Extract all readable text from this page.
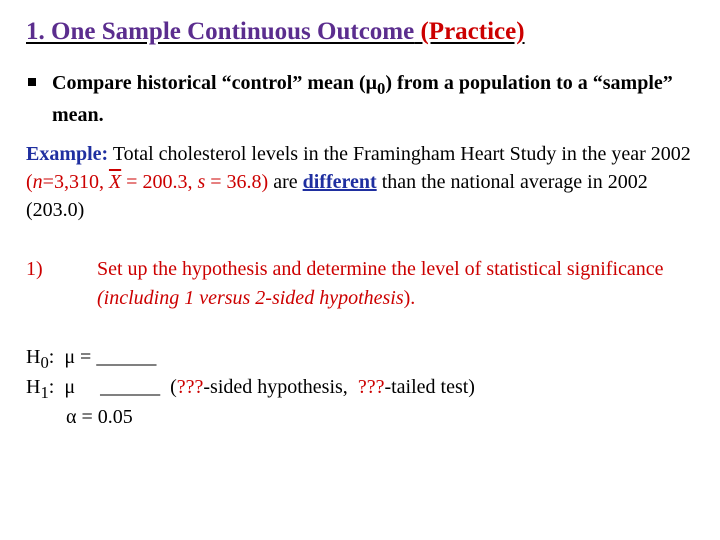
1. One Sample Continuous Outcome (Practice)
Compare historical “control” mean $(\mu_0)$ from a population to a “sample” mean.
Example: Total cholesterol levels in the Framingham Heart Study in the year 2002 (n=3,310, $\overline{X} = 200.3$, s = 36.8) are different than the national average in 2002 (203.0)
1)	Set up the hypothesis and determine the level of statistical significance (including 1 versus 2-sided hypothesis).
$H_0$:  μ = ______
$H_1$:  μ     ______  (???-sided hypothesis,  ???-tailed test)
α = 0.05
